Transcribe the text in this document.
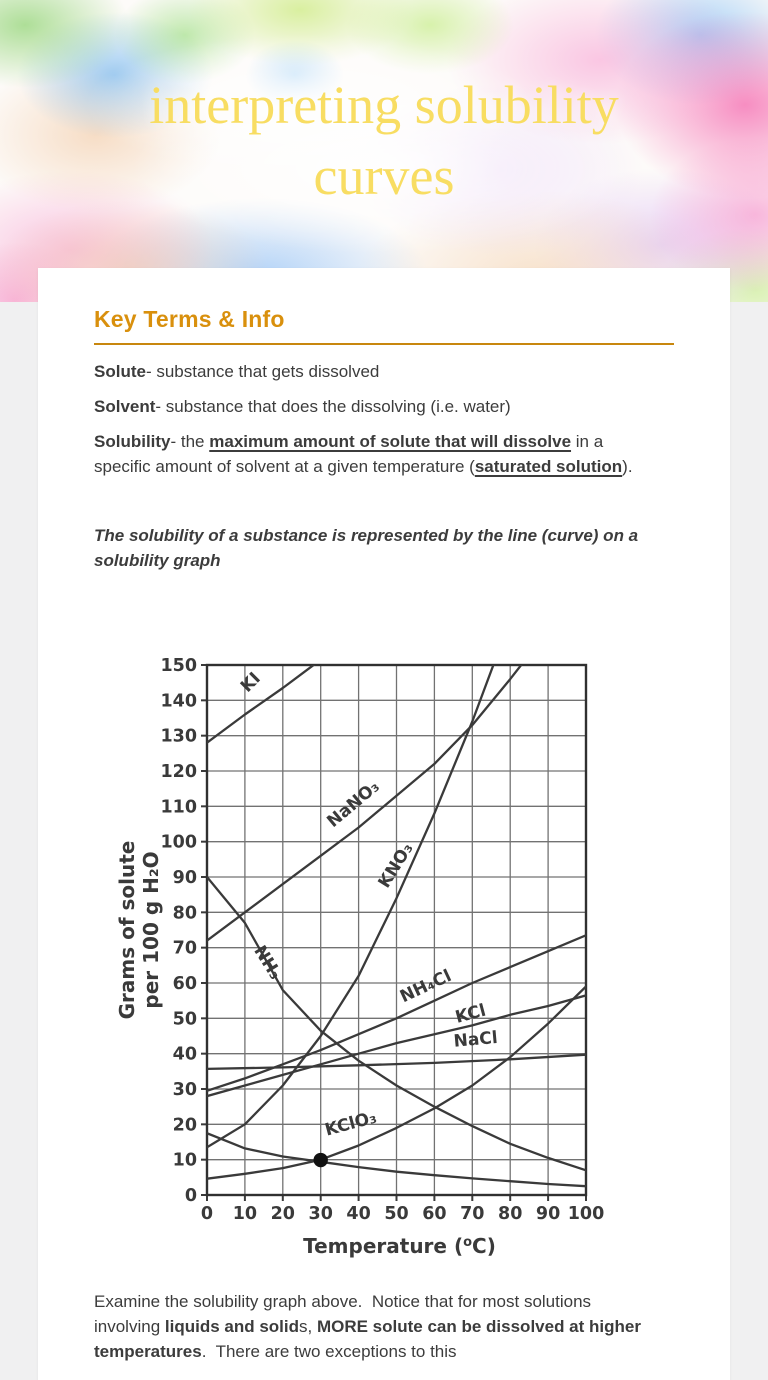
interpreting solubility
curves
Key Terms & Info

Solute- substance that gets dissolved

Solvent- substance that does the dissolving (i.e. water)

Solubility- the maximum amount of solute that will dissolve in a specific amount of solvent at a given temperature (saturated solution).

The solubility of a substance is represented by the line (curve) on a solubility graph

KI
NaNO₃
KNO₃
NH₃
NH₄Cl
KCl
NaCl
KClO₃
0 10 20 30 40 50 60 70 80 90 100
0
10
20
30
40
50
60
70
80
90
100
110
120
130
140
150
Temperature ($^o$C)
Grams of solute per 100 g H₂O

Examine the solubility graph above.  Notice that for most solutions involving liquids and solids, MORE solute can be dissolved at higher temperatures.  There are two exceptions to this
